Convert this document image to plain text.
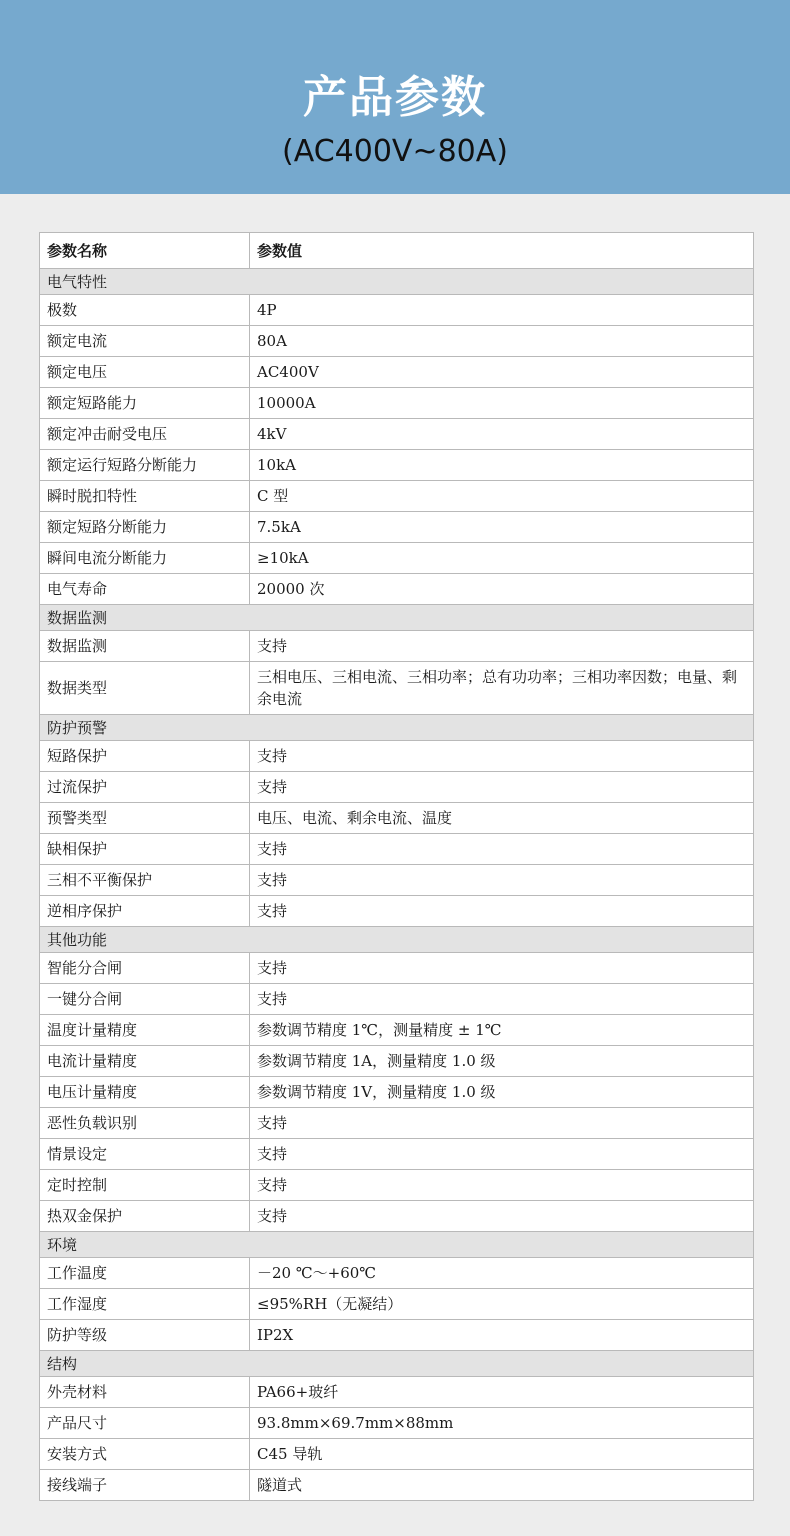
产品参数
(AC400V~80A)
参数名称	参数值
电气特性	
极数	4P
额定电流	80A
额定电压	AC400V
额定短路能力	10000A
额定冲击耐受电压	4kV
额定运行短路分断能力	10kA
瞬时脱扣特性	C 型
额定短路分断能力	7.5kA
瞬间电流分断能力	≥10kA
电气寿命	20000 次
数据监测	
数据监测	支持
数据类型	三相电压、三相电流、三相功率；总有功功率；三相功率因数；电量、剩余电流
防护预警	
短路保护	支持
过流保护	支持
预警类型	电压、电流、剩余电流、温度
缺相保护	支持
三相不平衡保护	支持
逆相序保护	支持
其他功能	
智能分合闸	支持
一键分合闸	支持
温度计量精度	参数调节精度 1℃，测量精度 ± 1℃
电流计量精度	参数调节精度 1A，测量精度 1.0 级
电压计量精度	参数调节精度 1V，测量精度 1.0 级
恶性负载识别	支持
情景设定	支持
定时控制	支持
热双金保护	支持
环境	
工作温度	－20 ℃～+60℃
工作湿度	≤95%RH（无凝结）
防护等级	IP2X
结构	
外壳材料	PA66+玻纤
产品尺寸	93.8mm×69.7mm×88mm
安装方式	C45 导轨
接线端子	隧道式
